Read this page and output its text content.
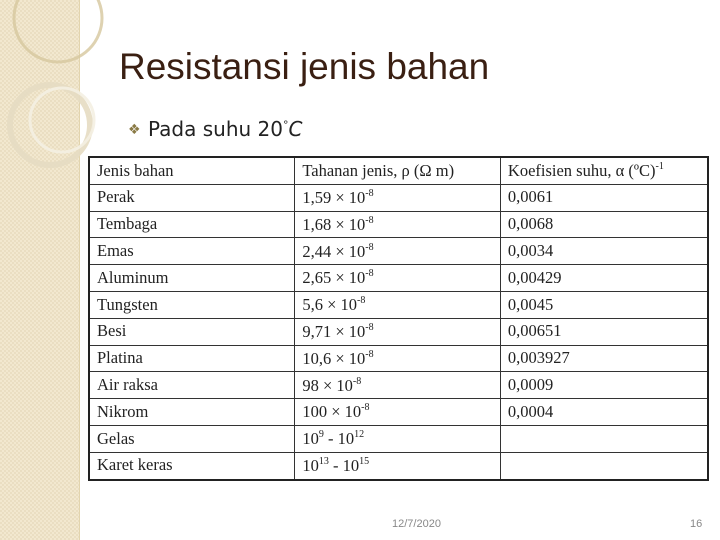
Resistansi jenis bahan
❖ Pada suhu 20°C
Jenis bahan	Tahanan jenis, ρ (Ω m)	Koefisien suhu, α (ºC)$^{-1}$
Perak	$1,59 \times 10^{-8}$	0,0061
Tembaga	$1,68 \times 10^{-8}$	0,0068
Emas	$2,44 \times 10^{-8}$	0,0034
Aluminum	$2,65 \times 10^{-8}$	0,00429
Tungsten	$5,6 \times 10^{-8}$	0,0045
Besi	$9,71 \times 10^{-8}$	0,00651
Platina	$10,6 \times 10^{-8}$	0,003927
Air raksa	$98 \times 10^{-8}$	0,0009
Nikrom	$100 \times 10^{-8}$	0,0004
Gelas	$10^9 - 10^{12}$	
Karet keras	$10^{13} - 10^{15}$	
12/7/2020	16
